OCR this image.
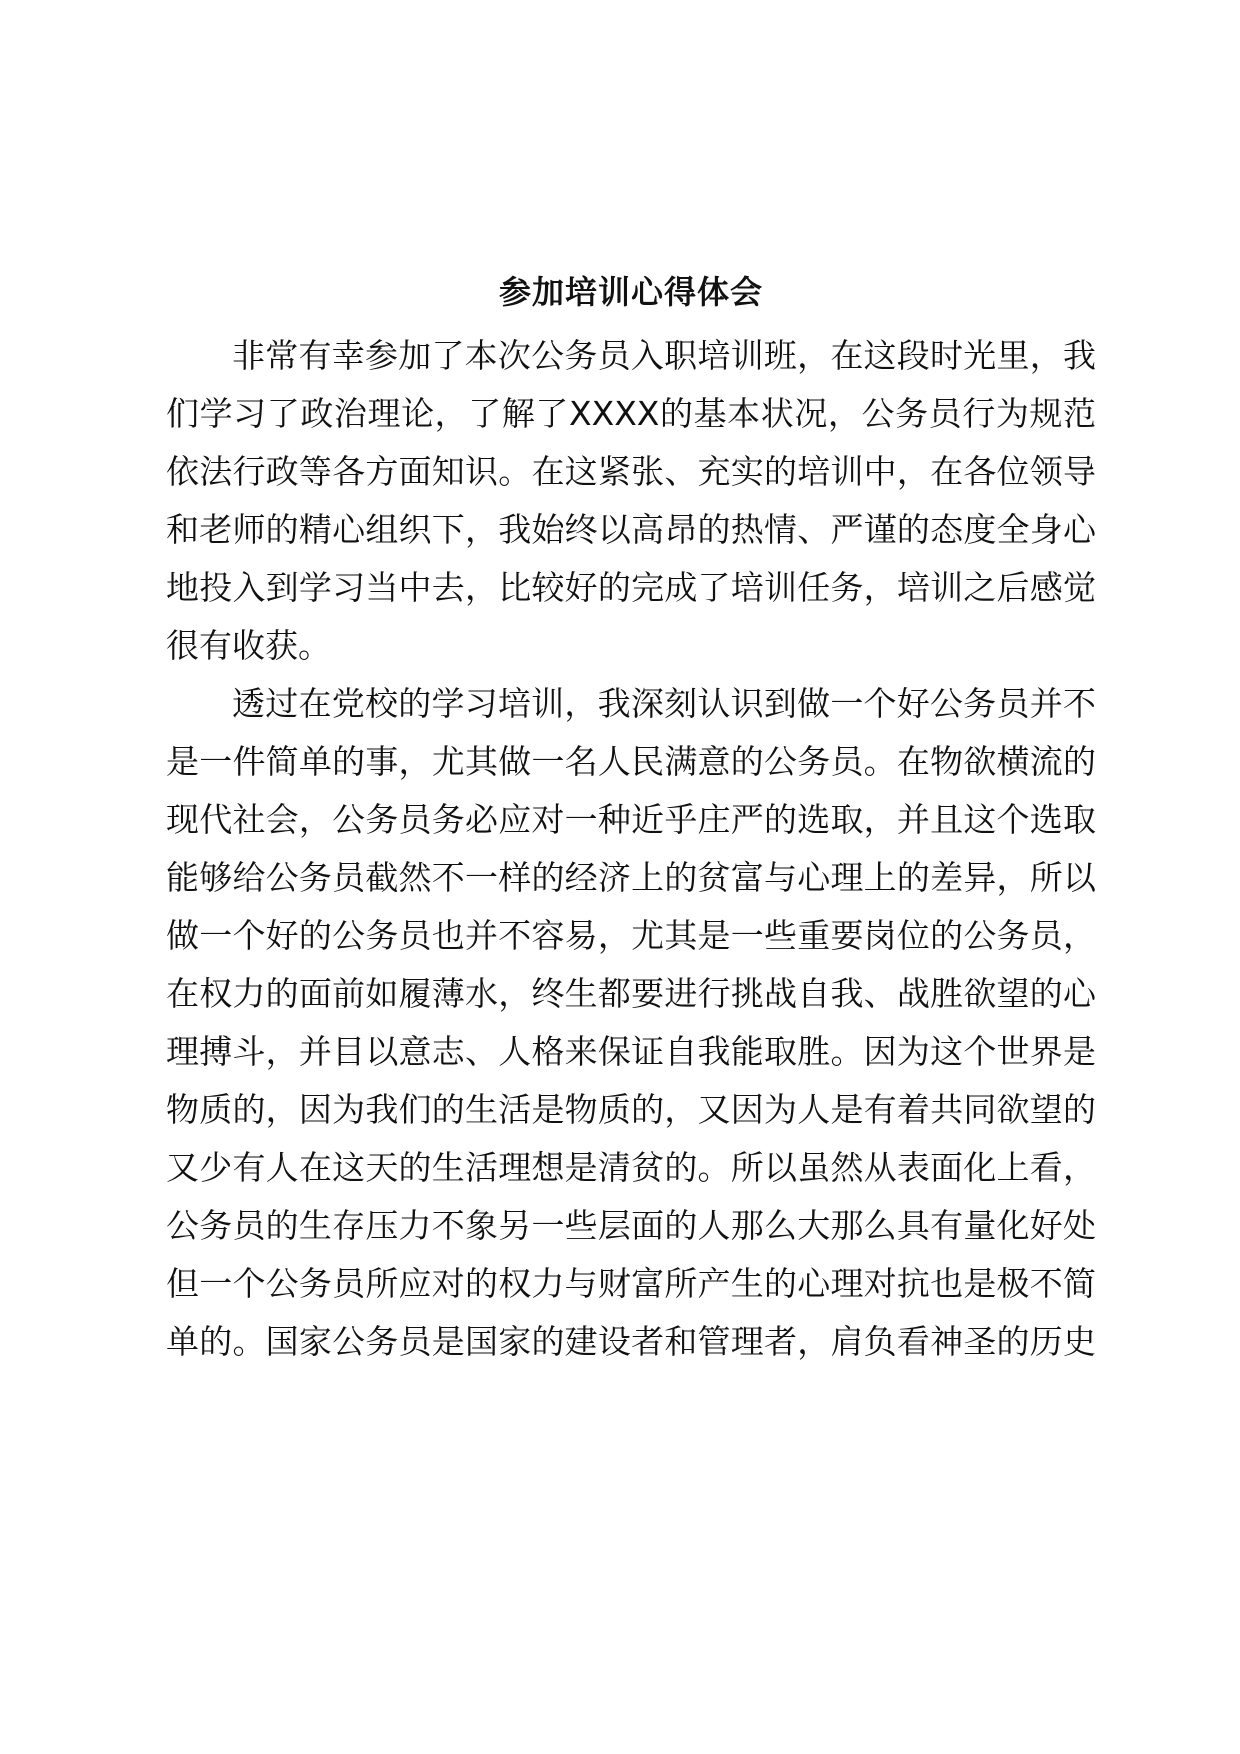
参加培训心得体会
非常有幸参加了本次公务员入职培训班，在这段时光里，我
们学习了政治理论，了解了XXXX的基本状况，公务员行为规范
依法行政等各方面知识。在这紧张、充实的培训中，在各位领导
和老师的精心组织下，我始终以高昂的热情、严谨的态度全身心
地投入到学习当中去，比较好的完成了培训任务，培训之后感觉
很有收获。
透过在党校的学习培训，我深刻认识到做一个好公务员并不
是一件简单的事，尤其做一名人民满意的公务员。在物欲横流的
现代社会，公务员务必应对一种近乎庄严的选取，并且这个选取
能够给公务员截然不一样的经济上的贫富与心理上的差异，所以
做一个好的公务员也并不容易，尤其是一些重要岗位的公务员，
在权力的面前如履薄水，终生都要进行挑战自我、战胜欲望的心
理搏斗，并目以意志、人格来保证自我能取胜。因为这个世界是
物质的，因为我们的生活是物质的，又因为人是有着共同欲望的
又少有人在这天的生活理想是清贫的。所以虽然从表面化上看，
公务员的生存压力不象另一些层面的人那么大那么具有量化好处
但一个公务员所应对的权力与财富所产生的心理对抗也是极不简
单的。国家公务员是国家的建设者和管理者，肩负看神圣的历史
